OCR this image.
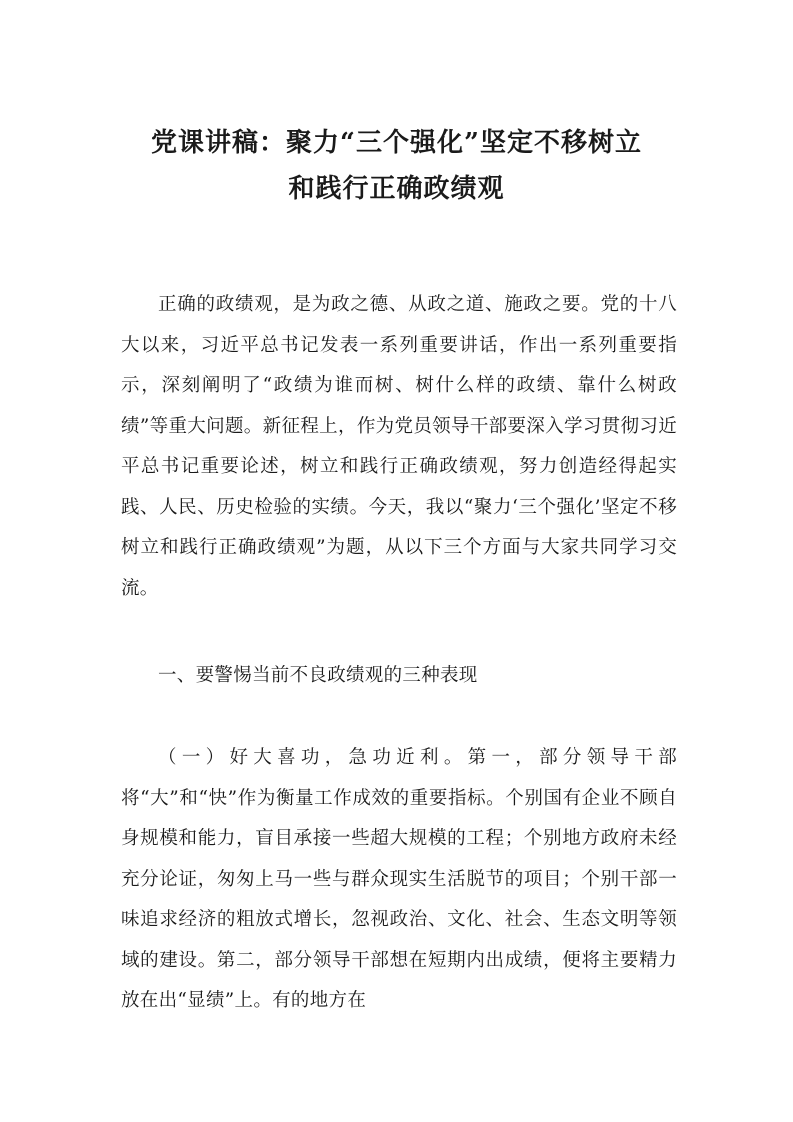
党课讲稿：聚力“三个强化”坚定不移树立
和践行正确政绩观

正确的政绩观，是为政之德、从政之道、施政之要。党的十八大以来，习近平总书记发表一系列重要讲话，作出一系列重要指示，深刻阐明了“政绩为谁而树、树什么样的政绩、靠什么树政绩”等重大问题。新征程上，作为党员领导干部要深入学习贯彻习近平总书记重要论述，树立和践行正确政绩观，努力创造经得起实践、人民、历史检验的实绩。今天，我以“聚力‘三个强化’坚定不移树立和践行正确政绩观”为题，从以下三个方面与大家共同学习交流。

一、要警惕当前不良政绩观的三种表现

（一）好大喜功，急功近利。第一，部分领导干部将“大”和“快”作为衡量工作成效的重要指标。个别国有企业不顾自身规模和能力，盲目承接一些超大规模的工程；个别地方政府未经充分论证，匆匆上马一些与群众现实生活脱节的项目；个别干部一味追求经济的粗放式增长，忽视政治、文化、社会、生态文明等领域的建设。第二，部分领导干部想在短期内出成绩，便将主要精力放在出“显绩”上。有的地方在
